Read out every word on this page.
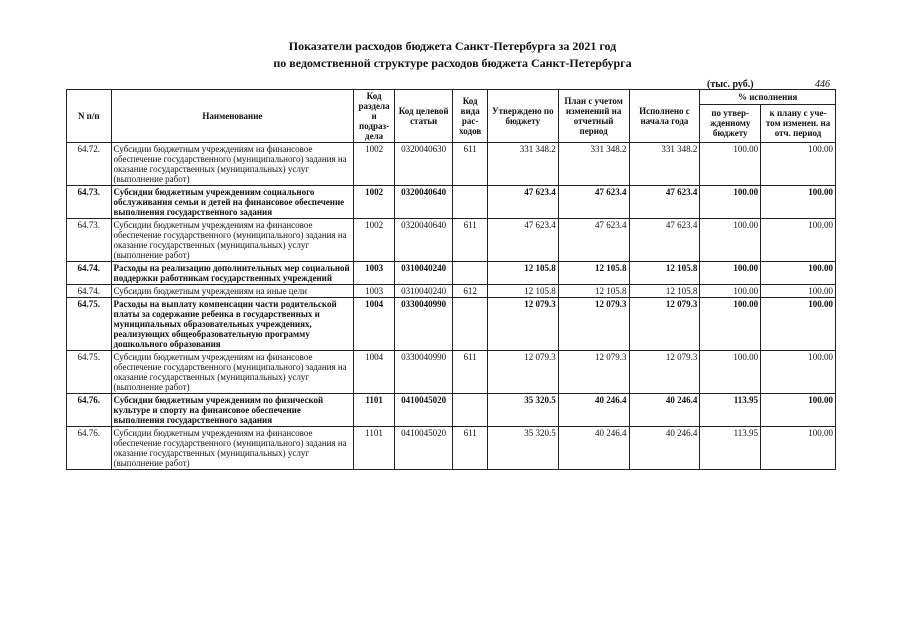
Показатели расходов бюджета Санкт-Петербурга за 2021 год
по ведомственной структуре расходов бюджета Санкт-Петербурга
(тыс. руб.)	446
N п/п	Наименование	Код раздела и подраз-дела	Код целевой статьи	Код вида рас-ходов	Утверждено по бюджету	План с учетом изменений на отчетный период	Исполнено с начала года	% исполнения	
								по утвер-жденному бюджету	к плану с уче-том изменен. на отч. период
64.72.	Субсидии бюджетным учреждениям на финансовое обеспечение государственного (муниципального) задания на оказание государственных (муниципальных) услуг (выполнение работ)	1002	0320040630	611	331 348.2	331 348.2	331 348.2	100.00	100.00
64.73.	Субсидии бюджетным учреждениям социального обслуживания семьи и детей на финансовое обеспечение выполнения государственного задания	1002	0320040640		47 623.4	47 623.4	47 623.4	100.00	100.00
64.73.	Субсидии бюджетным учреждениям на финансовое обеспечение государственного (муниципального) задания на оказание государственных (муниципальных) услуг (выполнение работ)	1002	0320040640	611	47 623.4	47 623.4	47 623.4	100.00	100.00
64.74.	Расходы на реализацию дополнительных мер социальной поддержки работникам государственных учреждений	1003	0310040240		12 105.8	12 105.8	12 105.8	100.00	100.00
64.74.	Субсидии бюджетным учреждениям на иные цели	1003	0310040240	612	12 105.8	12 105.8	12 105.8	100.00	100.00
64.75.	Расходы на выплату компенсации части родительской платы за содержание ребенка в государственных и муниципальных образовательных учреждениях, реализующих общеобразовательную программу дошкольного образования	1004	0330040990		12 079.3	12 079.3	12 079.3	100.00	100.00
64.75.	Субсидии бюджетным учреждениям на финансовое обеспечение государственного (муниципального) задания на оказание государственных (муниципальных) услуг (выполнение работ)	1004	0330040990	611	12 079.3	12 079.3	12 079.3	100.00	100.00
64.76.	Субсидии бюджетным учреждениям по физической культуре и спорту на финансовое обеспечение выполнения государственного задания	1101	0410045020		35 320.5	40 246.4	40 246.4	113.95	100.00
64.76.	Субсидии бюджетным учреждениям на финансовое обеспечение государственного (муниципального) задания на оказание государственных (муниципальных) услуг (выполнение работ)	1101	0410045020	611	35 320.5	40 246.4	40 246.4	113.95	100.00
